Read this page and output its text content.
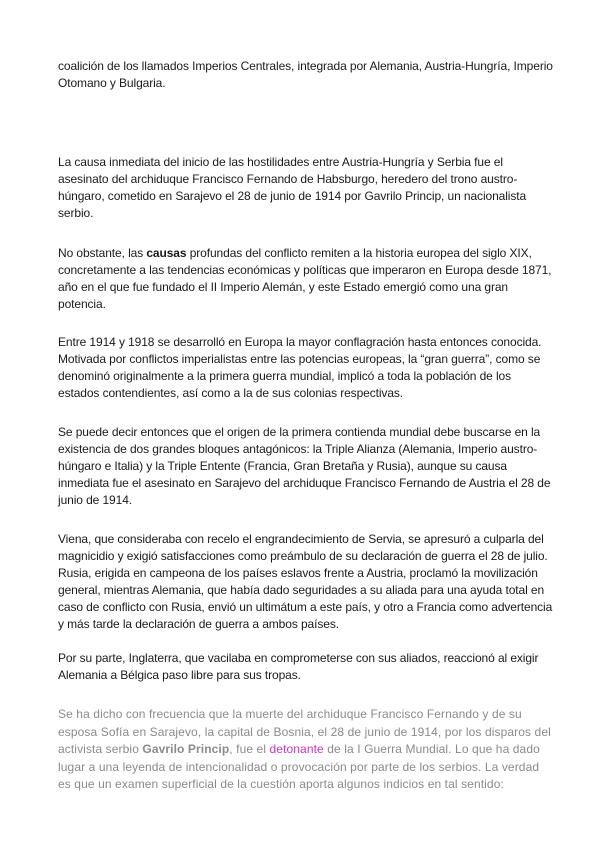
coalición de los llamados Imperios Centrales, integrada por Alemania, Austria-Hungría, Imperio Otomano y Bulgaria.

La causa inmediata del inicio de las hostilidades entre Austria-Hungría y Serbia fue el asesinato del archiduque Francisco Fernando de Habsburgo, heredero del trono austro-húngaro, cometido en Sarajevo el 28 de junio de 1914 por Gavrilo Princip, un nacionalista serbio.

No obstante, las causas profundas del conflicto remiten a la historia europea del siglo XIX, concretamente a las tendencias económicas y políticas que imperaron en Europa desde 1871, año en el que fue fundado el II Imperio Alemán, y este Estado emergió como una gran potencia.

Entre 1914 y 1918 se desarrolló en Europa la mayor conflagración hasta entonces conocida. Motivada por conflictos imperialistas entre las potencias europeas, la “gran guerra”, como se denominó originalmente a la primera guerra mundial, implicó a toda la población de los estados contendientes, así como a la de sus colonias respectivas.

Se puede decir entonces que el origen de la primera contienda mundial debe buscarse en la existencia de dos grandes bloques antagónicos: la Triple Alianza (Alemania, Imperio austro-húngaro e Italia) y la Triple Entente (Francia, Gran Bretaña y Rusia), aunque su causa inmediata fue el asesinato en Sarajevo del archiduque Francisco Fernando de Austria el 28 de junio de 1914.

Viena, que consideraba con recelo el engrandecimiento de Servia, se apresuró a culparla del magnicidio y exigió satisfacciones como preámbulo de su declaración de guerra el 28 de julio. Rusia, erigida en campeona de los países eslavos frente a Austria, proclamó la movilización general, mientras Alemania, que había dado seguridades a su aliada para una ayuda total en caso de conflicto con Rusia, envió un ultimátum a este país, y otro a Francia como advertencia y más tarde la declaración de guerra a ambos países.

Por su parte, Inglaterra, que vacilaba en comprometerse con sus aliados, reaccionó al exigir Alemania a Bélgica paso libre para sus tropas.

Se ha dicho con frecuencia que la muerte del archiduque Francisco Fernando y de su esposa Sofía en Sarajevo, la capital de Bosnia, el 28 de junio de 1914, por los disparos del activista serbio Gavrilo Princip, fue el detonante de la I Guerra Mundial. Lo que ha dado lugar a una leyenda de intencionalidad o provocación por parte de los serbios. La verdad es que un examen superficial de la cuestión aporta algunos indicios en tal sentido:
